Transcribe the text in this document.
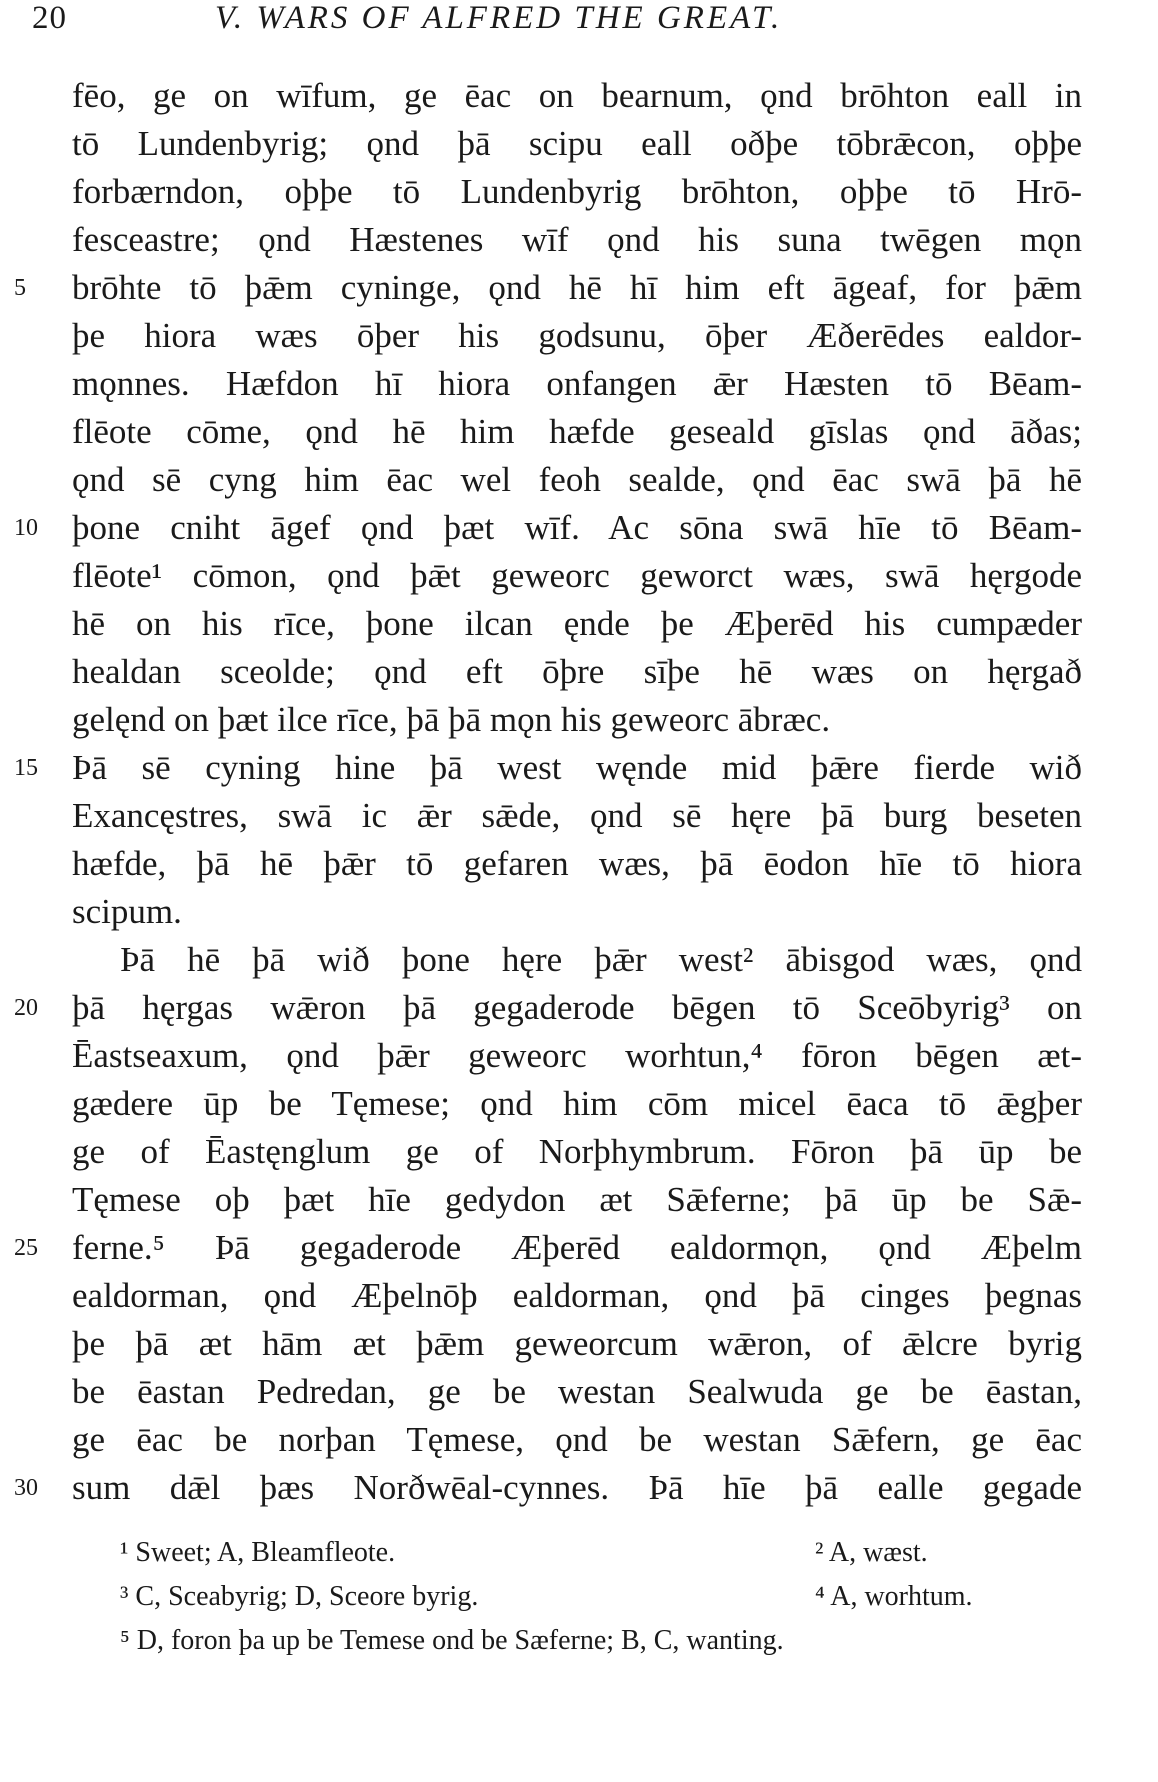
20	V. WARS OF ALFRED THE GREAT.
fēo, ge on wīfum, ge ēac on bearnum, ǫnd brōhton eall in
tō Lundenbyrig; ǫnd þā scipu eall oðþe tōbrǣcon, oþþe
forbærndon, oþþe tō Lundenbyrig brōhton, oþþe tō Hrō-
fesceastre; ǫnd Hæstenes wīf ǫnd his suna twēgen mǫn
brōhte tō þǣm cyninge, ǫnd hē hī him eft āgeaf, for þǣm
þe hiora wæs ōþer his godsunu, ōþer Æðerēdes ealdor-
mǫnnes. Hæfdon hī hiora onfangen ǣr Hæsten tō Bēam-
flēote cōme, ǫnd hē him hæfde geseald gīslas ǫnd āðas;
ǫnd sē cyng him ēac wel feoh sealde, ǫnd ēac swā þā hē
þone cniht āgef ǫnd þæt wīf. Ac sōna swā hīe tō Bēam-
flēote¹ cōmon, ǫnd þǣt geweorc geworct wæs, swā hęrgode
hē on his rīce, þone ilcan ęnde þe Æþerēd his cumpæder
healdan sceolde; ǫnd eft ōþre sīþe hē wæs on hęrgað
gelęnd on þæt ilce rīce, þā þā mǫn his geweorc ābræc.
Þā sē cyning hine þā west węnde mid þǣre fierde wið
Exancęstres, swā ic ǣr sǣde, ǫnd sē hęre þā burg beseten
hæfde, þā hē þǣr tō gefaren wæs, þā ēodon hīe tō hiora
scipum.
Þā hē þā wið þone hęre þǣr west² ābisgod wæs, ǫnd
þā hęrgas wǣron þā gegaderode bēgen tō Sceōbyrig³ on
Ēastseaxum, ǫnd þǣr geweorc worhtun,⁴ fōron bēgen æt-
gædere ūp be Tęmese; ǫnd him cōm micel ēaca tō ǣgþer
ge of Ēastęnglum ge of Norþhymbrum. Fōron þā ūp be
Tęmese oþ þæt hīe gedydon æt Sǣferne; þā ūp be Sǣ-
ferne.⁵ Þā gegaderode Æþerēd ealdormǫn, ǫnd Æþelm
ealdorman, ǫnd Æþelnōþ ealdorman, ǫnd þā cinges þegnas
þe þā æt hām æt þǣm geweorcum wǣron, of ǣlcre byrig
be ēastan Pedredan, ge be westan Sealwuda ge be ēastan,
ge ēac be norþan Tęmese, ǫnd be westan Sǣfern, ge ēac
sum dǣl þæs Norðwēal-cynnes. Þā hīe þā ealle gegade
5
10
15
20
25
30
¹ Sweet; A, Bleamfleote.	² A, wæst.
³ C, Sceabyrig; D, Sceore byrig.	⁴ A, worhtum.
⁵ D, foron þa up be Temese ond be Sæferne; B, C, wanting.
